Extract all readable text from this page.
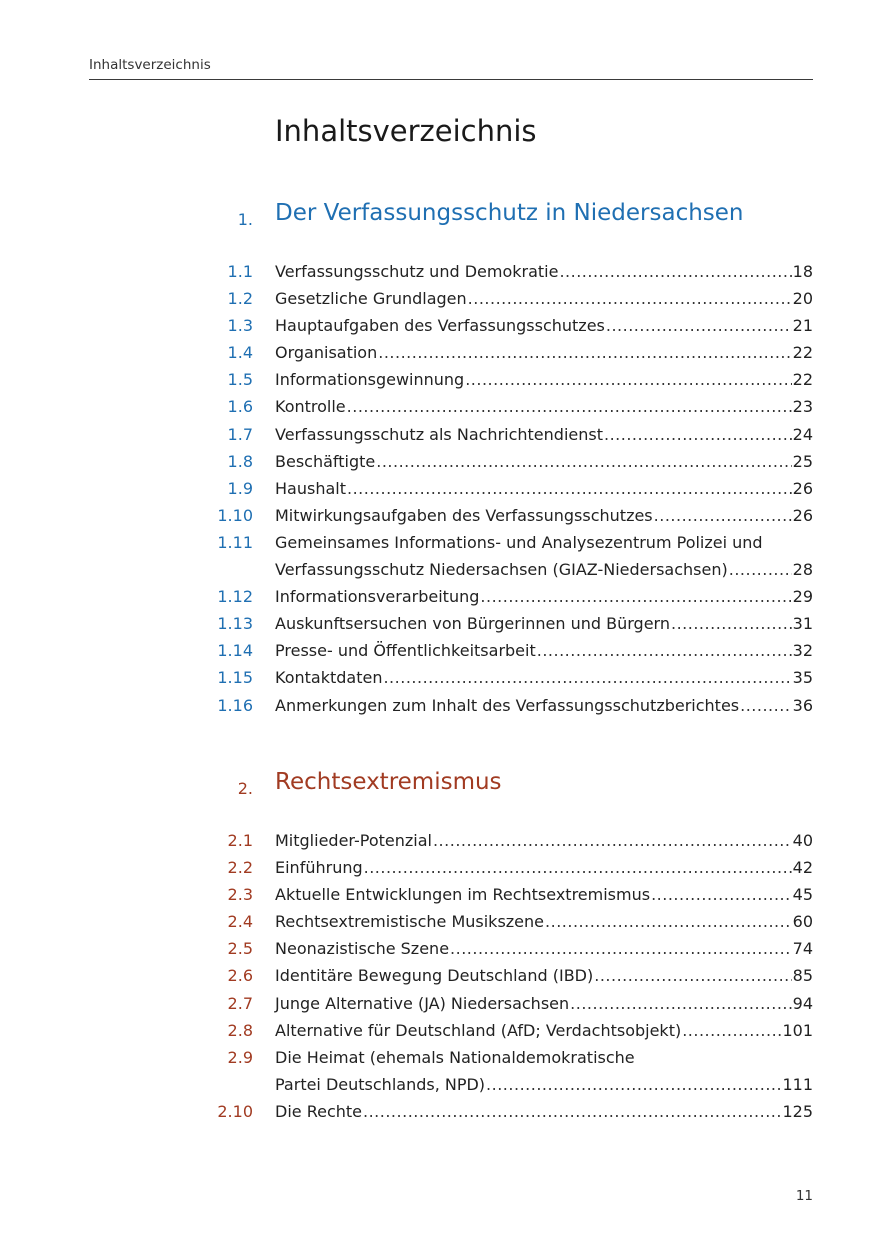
Inhaltsverzeichnis
Inhaltsverzeichnis
1. Der Verfassungsschutz in Niedersachsen
1.1 Verfassungsschutz und Demokratie .....	18
1.2 Gesetzliche Grundlagen .....	20
1.3 Hauptaufgaben des Verfassungsschutzes .....	21
1.4 Organisation .....	22
1.5 Informationsgewinnung .....	22
1.6 Kontrolle .....	23
1.7 Verfassungsschutz als Nachrichtendienst .....	24
1.8 Beschäftigte .....	25
1.9 Haushalt .....	26
1.10 Mitwirkungsaufgaben des Verfassungsschutzes .....	26
1.11 Gemeinsames Informations- und Analysezentrum Polizei und
Verfassungsschutz Niedersachsen (GIAZ-Niedersachsen) .....	28
1.12 Informationsverarbeitung .....	29
1.13 Auskunftsersuchen von Bürgerinnen und Bürgern .....	31
1.14 Presse- und Öffentlichkeitsarbeit .....	32
1.15 Kontaktdaten .....	35
1.16 Anmerkungen zum Inhalt des Verfassungsschutzberichtes .....	36
2. Rechtsextremismus
2.1 Mitglieder-Potenzial .....	40
2.2 Einführung .....	42
2.3 Aktuelle Entwicklungen im Rechtsextremismus .....	45
2.4 Rechtsextremistische Musikszene .....	60
2.5 Neonazistische Szene .....	74
2.6 Identitäre Bewegung Deutschland (IBD) .....	85
2.7 Junge Alternative (JA) Niedersachsen .....	94
2.8 Alternative für Deutschland (AfD; Verdachtsobjekt) .....	101
2.9 Die Heimat (ehemals Nationaldemokratische
Partei Deutschlands, NPD) .....	111
2.10 Die Rechte .....	125
11
